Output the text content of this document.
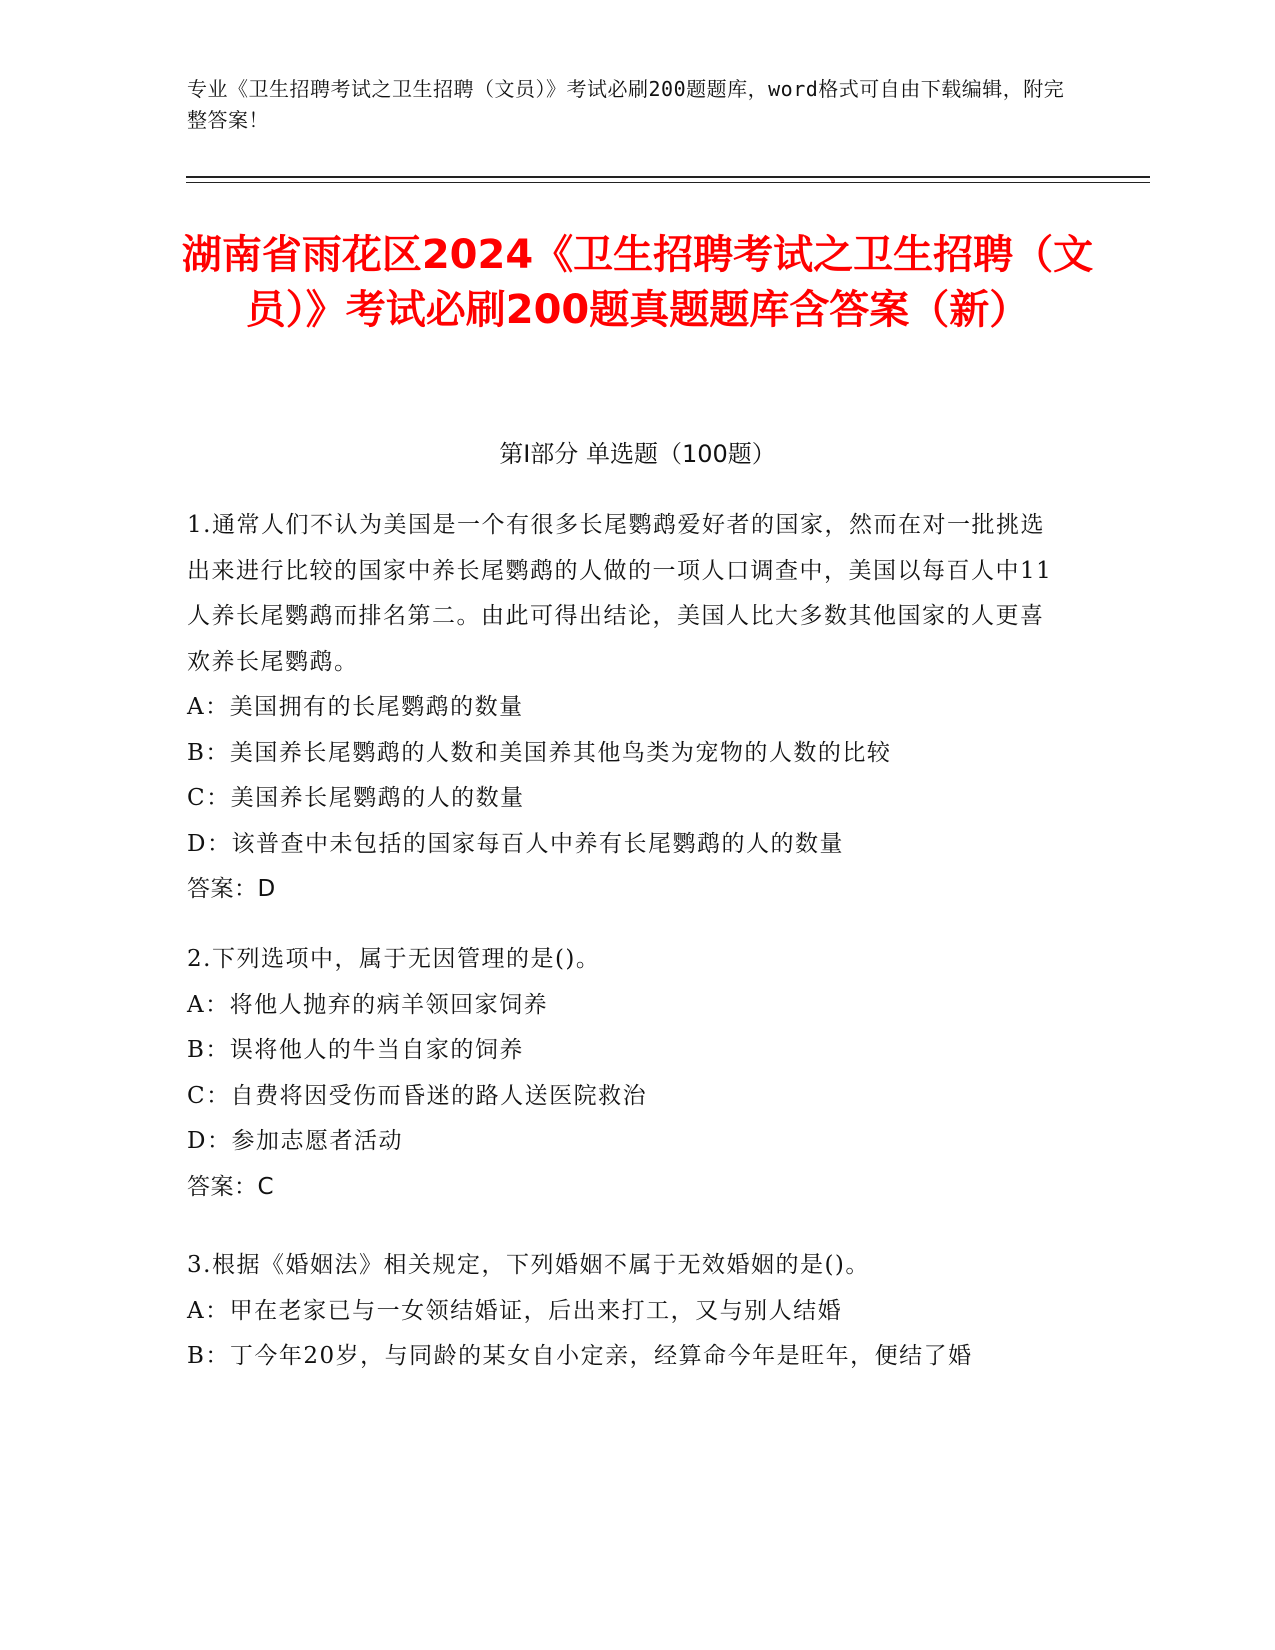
专业《卫生招聘考试之卫生招聘（文员）》考试必刷200题题库，word格式可自由下载编辑，附完整答案！
湖南省雨花区2024《卫生招聘考试之卫生招聘（文员）》考试必刷200题真题题库含答案（新）
第Ⅰ部分 单选题（100题）
1.通常人们不认为美国是一个有很多长尾鹦鹉爱好者的国家，然而在对一批挑选出来进行比较的国家中养长尾鹦鹉的人做的一项人口调查中，美国以每百人中11人养长尾鹦鹉而排名第二。由此可得出结论，美国人比大多数其他国家的人更喜欢养长尾鹦鹉。
A：美国拥有的长尾鹦鹉的数量
B：美国养长尾鹦鹉的人数和美国养其他鸟类为宠物的人数的比较
C：美国养长尾鹦鹉的人的数量
D：该普查中未包括的国家每百人中养有长尾鹦鹉的人的数量
答案：D
2.下列选项中，属于无因管理的是()。
A：将他人抛弃的病羊领回家饲养
B：误将他人的牛当自家的饲养
C：自费将因受伤而昏迷的路人送医院救治
D：参加志愿者活动
答案：C
3.根据《婚姻法》相关规定，下列婚姻不属于无效婚姻的是()。
A：甲在老家已与一女领结婚证，后出来打工，又与别人结婚
B：丁今年20岁，与同龄的某女自小定亲，经算命今年是旺年，便结了婚
